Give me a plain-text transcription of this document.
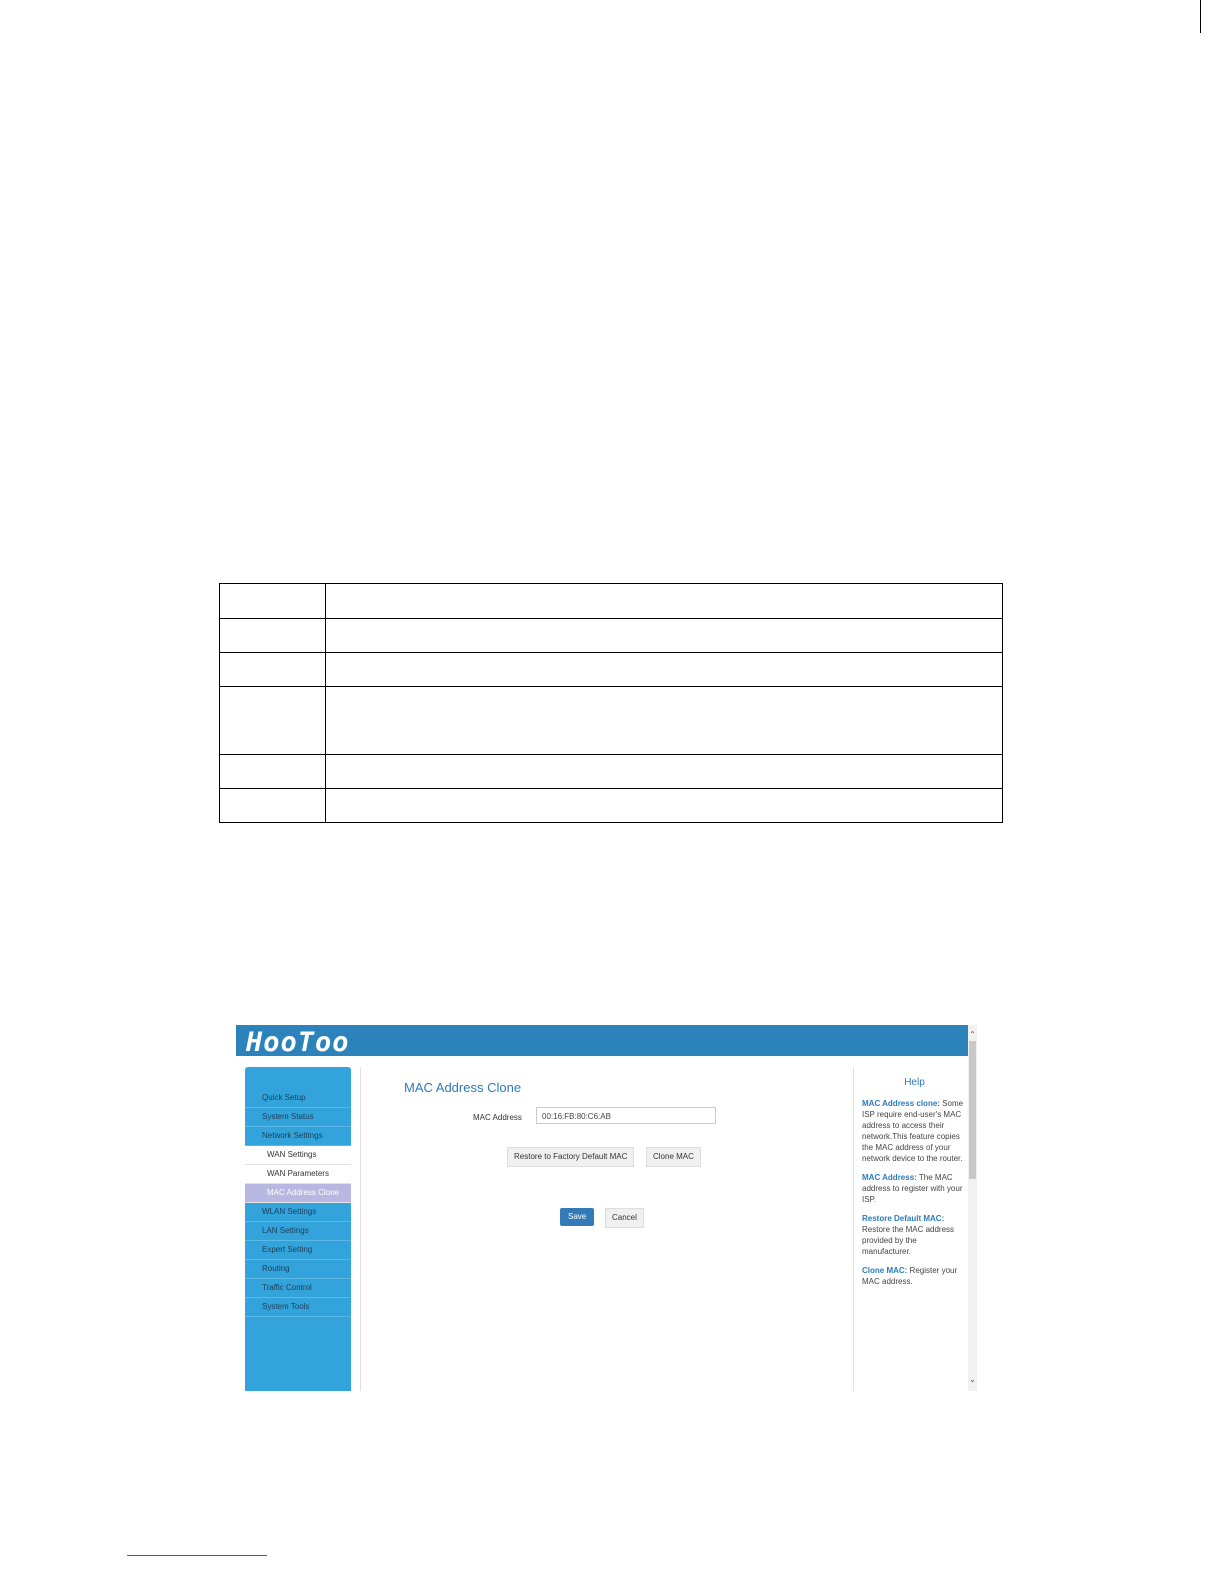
HooToo	⌃
⌄
Quick Setup
System Status
Network Settings
WAN Settings
WAN Parameters
MAC Address Clone
WLAN Settings
LAN Settings
Expert Setting
Routing
Traffic Control
System Tools
MAC Address Clone
MAC Address	00:16:FB:80:C6:AB
Restore to Factory Default MAC	Clone MAC
Save	Cancel
Help
MAC Address clone: Some ISP require end-user's MAC address to access their network.This feature copies the MAC address of your network device to the router.
MAC Address: The MAC address to register with your ISP.
Restore Default MAC: Restore the MAC address provided by the manufacturer.
Clone MAC: Register your MAC address.
